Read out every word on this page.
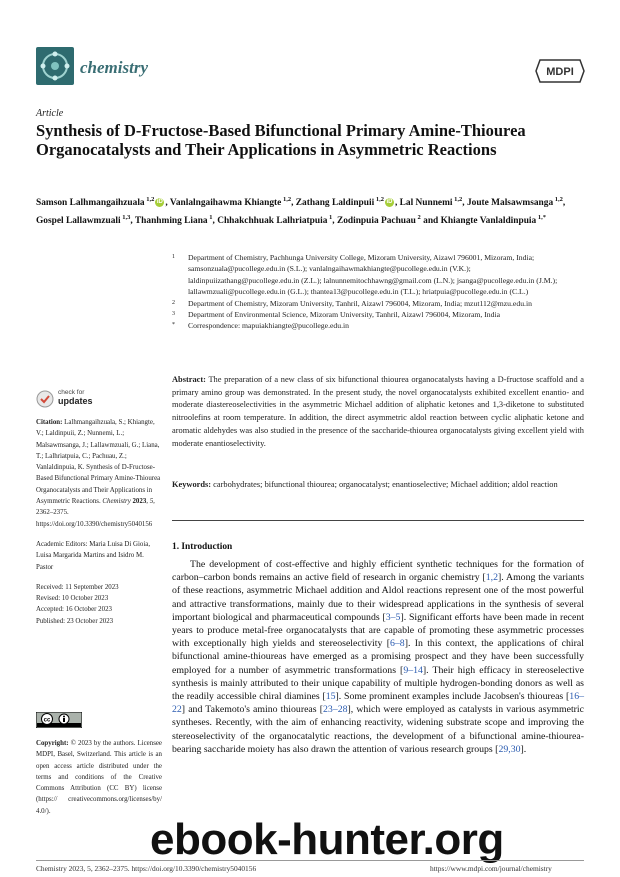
chemistry	MDPI
Article
Synthesis of D-Fructose-Based Bifunctional Primary Amine-Thiourea Organocatalysts and Their Applications in Asymmetric Reactions
Samson Lalhmangaihzuala $^{1,2}$ iD , Vanlalngaihawma Khiangte $^{1,2}$, Zathang Laldinpuii $^{1,2}$ iD , Lal Nunnemi $^{1,2}$, Joute Malsawmsanga $^{1,2}$, Gospel Lallawmzuali $^{1,3}$, Thanhming Liana $^1$, Chhakchhuak Lalhriatpuia $^1$, Zodinpuia Pachuau $^2$ and Khiangte Vanlaldinpuia $^{1,*}$
1	Department of Chemistry, Pachhunga University College, Mizoram University, Aizawl 796001, Mizoram, India; samsonzuala@pucollege.edu.in (S.L.); vanlalngaihawmakhiangte@pucollege.edu.in (V.K.); laldinpuiizathang@pucollege.edu.in (Z.L.); lalnunnemitochhawng@gmail.com (L.N.); jsanga@pucollege.edu.in (J.M.); lallawmzuali@pucollege.edu.in (G.L.); thantea13@pucollege.edu.in (T.L.); hriatpuia@pucollege.edu.in (C.L.)
2	Department of Chemistry, Mizoram University, Tanhril, Aizawl 796004, Mizoram, India; mzut112@mzu.edu.in
3	Department of Environmental Science, Mizoram University, Tanhril, Aizawl 796004, Mizoram, India
*	Correspondence: mapuiakhiangte@pucollege.edu.in
Abstract: The preparation of a new class of six bifunctional thiourea organocatalysts having a D-fructose scaffold and a primary amino group was demonstrated. In the present study, the novel organocatalysts exhibited excellent enantio- and moderate diastereoselectivities in the asymmetric Michael addition of aliphatic ketones and 1,3-diketone to substituted nitroolefins at room temperature. In addition, the direct asymmetric aldol reaction between cyclic aliphatic ketone and aromatic aldehydes was also studied in the presence of the saccharide-thiourea organocatalysts giving excellent yield with moderate enantioselectivity.
Keywords: carbohydrates; bifunctional thiourea; organocatalyst; enantioselective; Michael addition; aldol reaction
check for
updates
Citation: Lalhmangaihzuala, S.; Khiangte, V.; Laldinpuii, Z.; Nunnemi, L.; Malsawmsanga, J.; Lallawmzuali, G.; Liana, T.; Lalhriatpuia, C.; Pachuau, Z.; Vanlaldinpuia, K. Synthesis of D-Fructose-Based Bifunctional Primary Amine-Thiourea Organocatalysts and Their Applications in Asymmetric Reactions. Chemistry 2023, 5, 2362–2375. https://doi.org/10.3390/chemistry5040156
Academic Editors: Maria Luisa Di Gioia, Luisa Margarida Martins and Isidro M. Pastor
Received: 11 September 2023
Revised: 10 October 2023
Accepted: 16 October 2023
Published: 23 October 2023
cc
Copyright: © 2023 by the authors. Licensee MDPI, Basel, Switzerland. This article is an open access article distributed under the terms and conditions of the Creative Commons Attribution (CC BY) license (https:// creativecommons.org/licenses/by/ 4.0/).
1. Introduction
The development of cost-effective and highly efficient synthetic techniques for the formation of carbon–carbon bonds remains an active field of research in organic chemistry [1,2]. Among the variants of these reactions, asymmetric Michael addition and Aldol reactions represent one of the most powerful and attractive transformations, mainly due to their widespread applications in the synthesis of several important biological and pharmaceutical compounds [3–5]. Significant efforts have been made in recent years to produce metal-free organocatalysts that are capable of promoting these asymmetric processes with exceptionally high yields and stereoselectivity [6–8]. In this context, the applications of chiral bifunctional amine-thioureas have emerged as a promising prospect and they have been successfully employed for a number of asymmetric transformations [9–14]. Their high efficacy in stereoselective synthesis is mainly attributed to their unique capability of multiple hydrogen-bonding donors as well as the readily accessible chiral diamines [15]. Some prominent examples include Jacobsen's thioureas [16–22] and Takemoto's amino thioureas [23–28], which were employed as catalysts in various asymmetric syntheses. Recently, with the aim of enhancing reactivity, widening substrate scope and improving the stereoselectivity of the organocatalytic reactions, the development of a bifunctional amine-thiourea-bearing saccharide moiety has also drawn the attention of various research groups [29,30].
ebook-hunter.org
Chemistry 2023, 5, 2362–2375. https://doi.org/10.3390/chemistry5040156	https://www.mdpi.com/journal/chemistry
